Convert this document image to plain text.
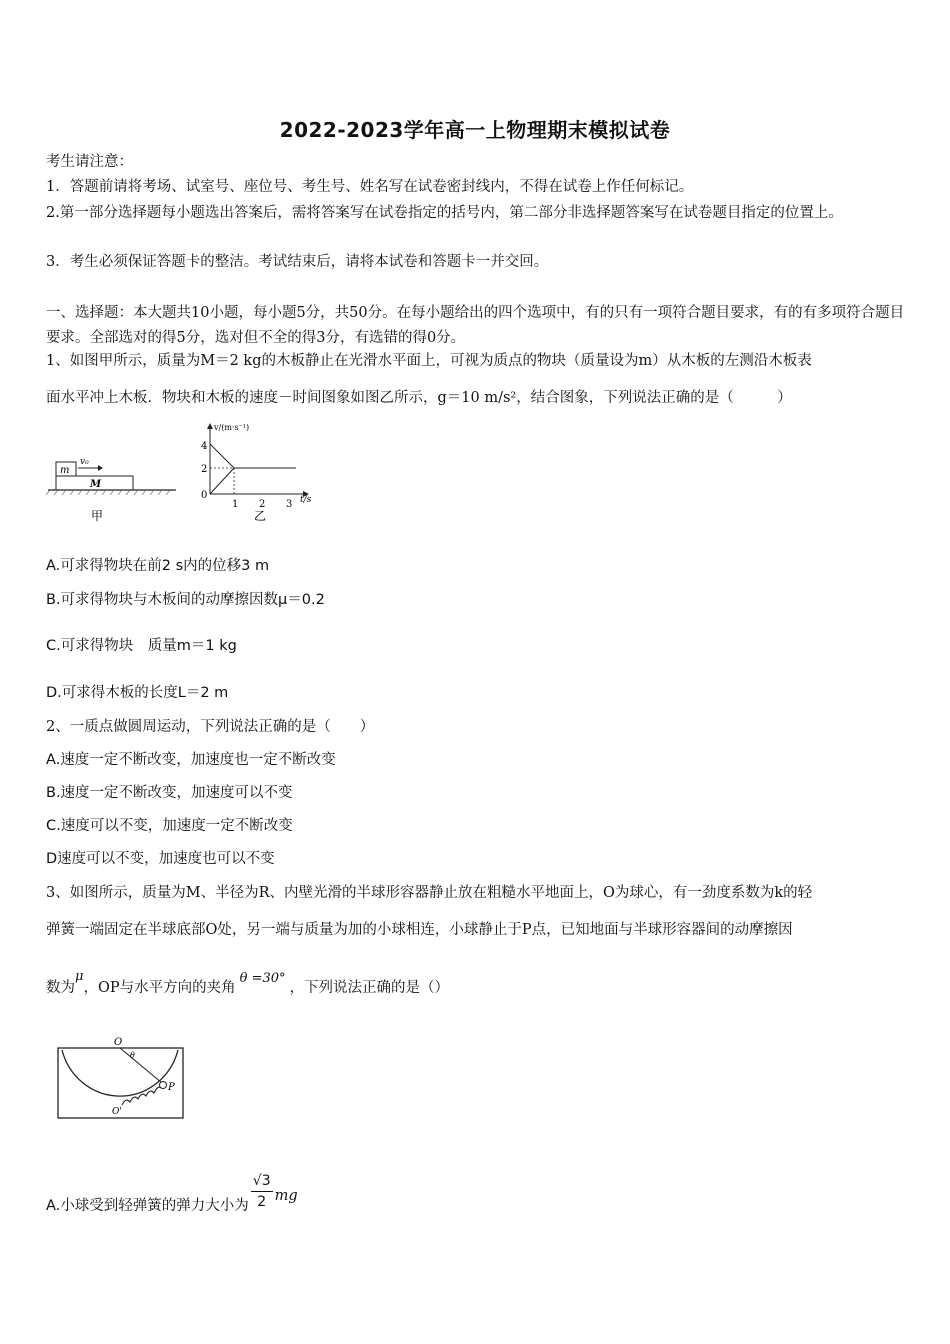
2022-2023学年高一上物理期末模拟试卷
考生请注意：
1．答题前请将考场、试室号、座位号、考生号、姓名写在试卷密封线内，不得在试卷上作任何标记。
2.第一部分选择题每小题选出答案后，需将答案写在试卷指定的括号内，第二部分非选择题答案写在试卷题目指定的位置上。
3．考生必须保证答题卡的整洁。考试结束后，请将本试卷和答题卡一并交回。
一、选择题：本大题共10小题，每小题5分，共50分。在每小题给出的四个选项中，有的只有一项符合题目要求，有的有多项符合题目要求。全部选对的得5分，选对但不全的得3分，有选错的得0分。
1、如图甲所示，质量为M＝2 kg的木板静止在光滑水平面上，可视为质点的物块（质量设为m）从木板的左测沿木板表
面水平冲上木板．物块和木板的速度－时间图象如图乙所示，g＝10 m/s²，结合图象，下列说法正确的是（　　　）
m
v₀
M
甲
v/(m·s⁻¹)
t/s
4
2
0
1 2 3
乙
A.可求得物块在前2 s内的位移3 m
B.可求得物块与木板间的动摩擦因数μ＝0.2
C.可求得物块　质量m＝1 kg
D.可求得木板的长度L＝2 m
2、一质点做圆周运动，下列说法正确的是（　　）
A.速度一定不断改变，加速度也一定不断改变
B.速度一定不断改变，加速度可以不变
C.速度可以不变，加速度一定不断改变
D速度可以不变，加速度也可以不变
3、如图所示，质量为M、半径为R、内壁光滑的半球形容器静止放在粗糙水平地面上，O为球心，有一劲度系数为k的轻
弹簧一端固定在半球底部O处，另一端与质量为加的小球相连，小球静止于P点，已知地面与半球形容器间的动摩擦因
数为μ，OP与水平方向的夹角θ =30°，下列说法正确的是（）
O
θ
P
O'
A.小球受到轻弹簧的弹力大小为 $\frac{√3}{2}$ mg
